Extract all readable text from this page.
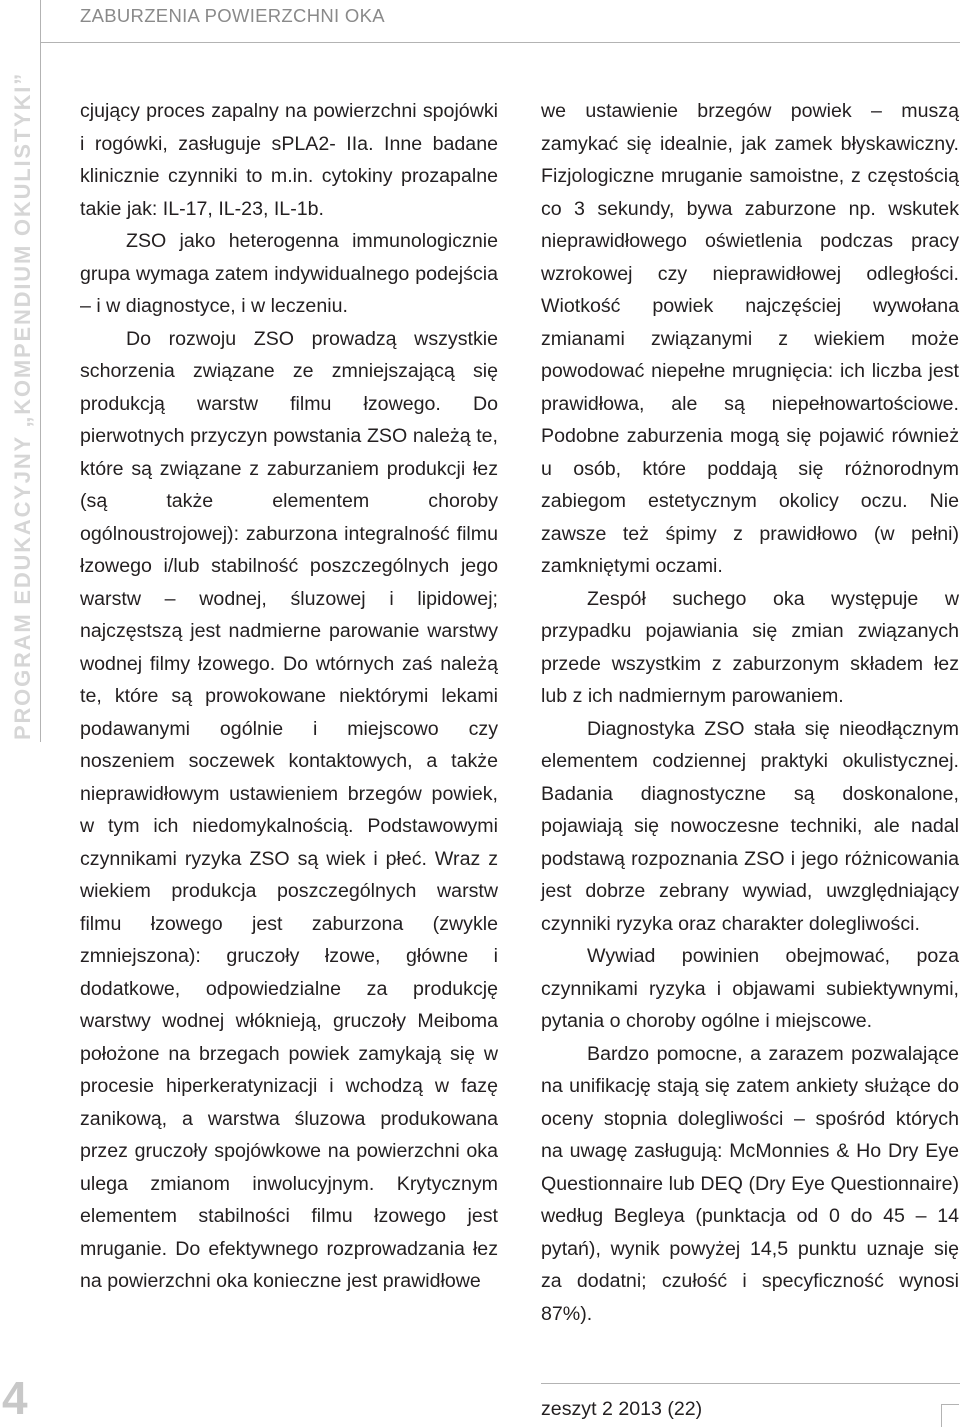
ZABURZENIA POWIERZCHNI OKA
PROGRAM EDUKACYJNY „KOMPENDIUM OKULISTYKI” cjujący proces zapalny na powierzchni spojówki i rogówki, zasługuje sPLA2- IIa. Inne badane klinicznie czynniki to m.in. cytokiny prozapalne takie jak: IL-17, IL-23, IL-1b.

ZSO jako heterogenna immunologicznie grupa wymaga zatem indywidualnego podejścia – i w diagnostyce, i w leczeniu.

Do rozwoju ZSO prowadzą wszystkie schorzenia związane ze zmniejszającą się produkcją warstw filmu łzowego. Do pierwotnych przyczyn powstania ZSO należą te, które są związane z zaburzaniem produkcji łez (są także elementem choroby ogólnoustrojowej): zaburzona integralność filmu łzowego i/lub stabilność poszczególnych jego warstw – wodnej, śluzowej i lipidowej; najczęstszą jest nadmierne parowanie warstwy wodnej filmy łzowego. Do wtórnych zaś należą te, które są prowokowane niektórymi lekami podawanymi ogólnie i miejscowo czy noszeniem soczewek kontaktowych, a także nieprawidłowym ustawieniem brzegów powiek, w tym ich niedomykalnością. Podstawowymi czynnikami ryzyka ZSO są wiek i płeć. Wraz z wiekiem produkcja poszczególnych warstw filmu łzowego jest zaburzona (zwykle zmniejszona): gruczoły łzowe, główne i dodatkowe, odpowiedzialne za produkcję warstwy wodnej włóknieją, gruczoły Meiboma położone na brzegach powiek zamykają się w procesie hiperkeratynizacji i wchodzą w fazę zanikową, a warstwa śluzowa produkowana przez gruczoły spojówkowe na powierzchni oka ulega zmianom inwolucyjnym. Krytycznym elementem stabilności filmu łzowego jest mruganie. Do efektywnego rozprowadzania łez na powierzchni oka konieczne jest prawidłowe

we ustawienie brzegów powiek – muszą zamykać się idealnie, jak zamek błyskawiczny. Fizjologiczne mruganie samoistne, z częstością co 3 sekundy, bywa zaburzone np. wskutek nieprawidłowego oświetlenia podczas pracy wzrokowej czy nieprawidłowej odległości. Wiotkość powiek najczęściej wywołana zmianami związanymi z wiekiem może powodować niepełne mrugnięcia: ich liczba jest prawidłowa, ale są niepełnowartościowe. Podobne zaburzenia mogą się pojawić również u osób, które poddają się różnorodnym zabiegom estetycznym okolicy oczu. Nie zawsze też śpimy z prawidłowo (w pełni) zamkniętymi oczami.

Zespół suchego oka występuje w przypadku pojawiania się zmian związanych przede wszystkim z zaburzonym składem łez lub z ich nadmiernym parowaniem.

Diagnostyka ZSO stała się nieodłącznym elementem codziennej praktyki okulistycznej. Badania diagnostyczne są doskonalone, pojawiają się nowoczesne techniki, ale nadal podstawą rozpoznania ZSO i jego różnicowania jest dobrze zebrany wywiad, uwzględniający czynniki ryzyka oraz charakter dolegliwości.

Wywiad powinien obejmować, poza czynnikami ryzyka i objawami subiektywnymi, pytania o choroby ogólne i miejscowe.

Bardzo pomocne, a zarazem pozwalające na unifikację stają się zatem ankiety służące do oceny stopnia dolegliwości – spośród których na uwagę zasługują: McMonnies & Ho Dry Eye Questionnaire lub DEQ (Dry Eye Questionnaire) według Begleya (punktacja od 0 do 45 – 14 pytań), wynik powyżej 14,5 punktu uznaje się za dodatni; czułość i specyficzność wynosi 87%).

4	zeszyt 2 2013 (22)
